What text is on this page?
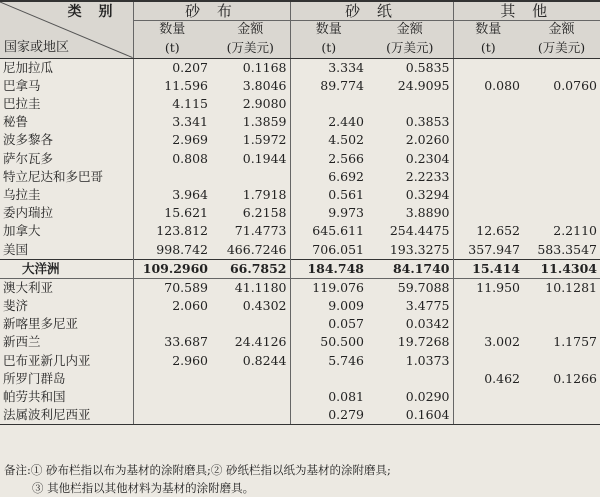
类 别
国家或地区	砂 布		砂 纸		其 他	
	数量	金额	数量	金额	数量	金额
	(t)	(万美元)	(t)	(万美元)	(t)	(万美元)
尼加拉瓜	0.207	0.1168	3.334	0.5835		
巴拿马	11.596	3.8046	89.774	24.9095	0.080	0.0760
巴拉圭	4.115	2.9080				
秘鲁	3.341	1.3859	2.440	0.3853		
波多黎各	2.969	1.5972	4.502	2.0260		
萨尔瓦多	0.808	0.1944	2.566	0.2304		
特立尼达和多巴哥			6.692	2.2233		
乌拉圭	3.964	1.7918	0.561	0.3294		
委内瑞拉	15.621	6.2158	9.973	3.8890		
加拿大	123.812	71.4773	645.611	254.4475	12.652	2.2110
美国	998.742	466.7246	706.051	193.3275	357.947	583.3547
大洋洲	109.2960	66.7852	184.748	84.1740	15.414	11.4304
澳大利亚	70.589	41.1180	119.076	59.7088	11.950	10.1281
斐济	2.060	0.4302	9.009	3.4775		
新喀里多尼亚			0.057	0.0342		
新西兰	33.687	24.4126	50.500	19.7268	3.002	1.1757
巴布亚新几内亚	2.960	0.8244	5.746	1.0373		
所罗门群岛					0.462	0.1266
帕劳共和国			0.081	0.0290		
法属波利尼西亚			0.279	0.1604		
备注:① 砂布栏指以布为基材的涂附磨具;② 砂纸栏指以纸为基材的涂附磨具;
③ 其他栏指以其他材料为基材的涂附磨具。
